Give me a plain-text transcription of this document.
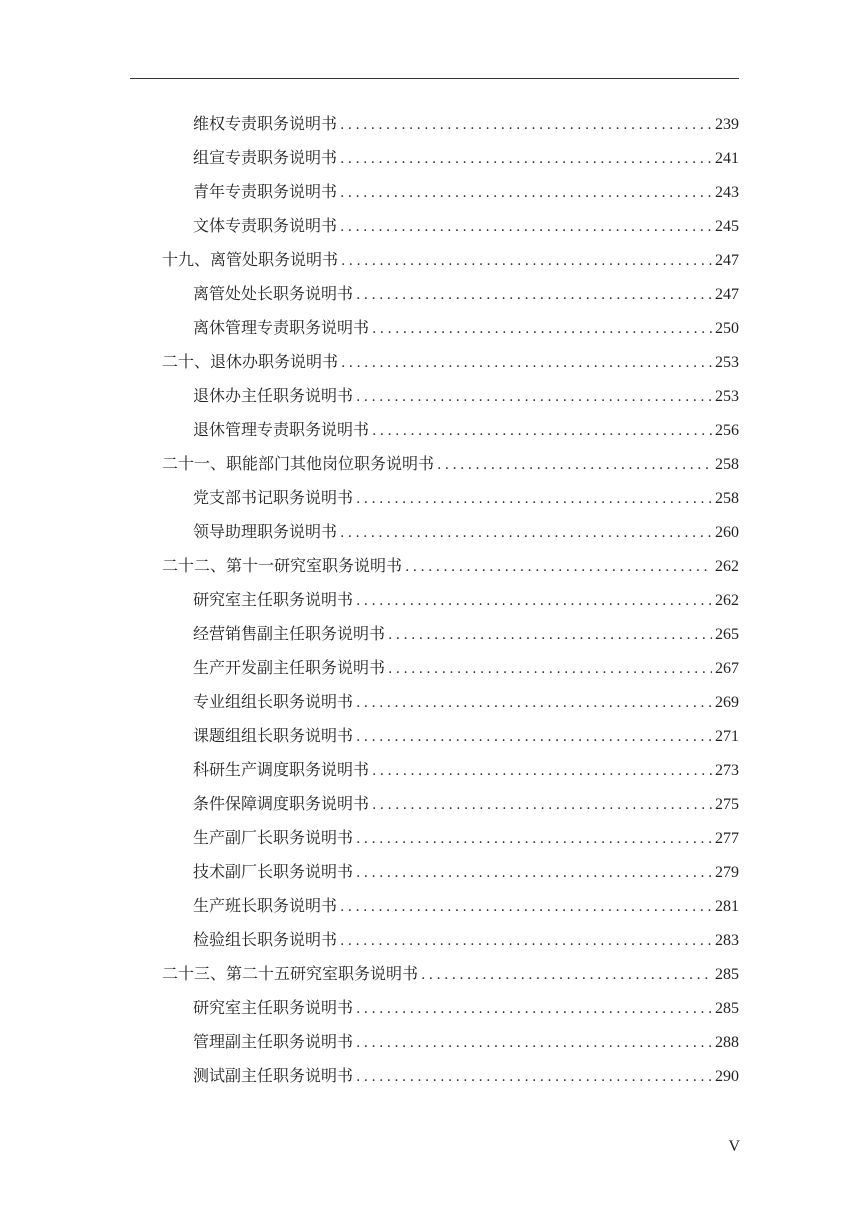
维权专责职务说明书 .....	239
组宣专责职务说明书 .....	241
青年专责职务说明书 .....	243
文体专责职务说明书 .....	245
十九、离管处职务说明书 .....	247
离管处处长职务说明书 .....	247
离休管理专责职务说明书 .....	250
二十、退休办职务说明书 .....	253
退休办主任职务说明书 .....	253
退休管理专责职务说明书 .....	256
二十一、职能部门其他岗位职务说明书 .....	258
党支部书记职务说明书 .....	258
领导助理职务说明书 .....	260
二十二、第十一研究室职务说明书 .....	262
研究室主任职务说明书 .....	262
经营销售副主任职务说明书 .....	265
生产开发副主任职务说明书 .....	267
专业组组长职务说明书 .....	269
课题组组长职务说明书 .....	271
科研生产调度职务说明书 .....	273
条件保障调度职务说明书 .....	275
生产副厂长职务说明书 .....	277
技术副厂长职务说明书 .....	279
生产班长职务说明书 .....	281
检验组长职务说明书 .....	283
二十三、第二十五研究室职务说明书 .....	285
研究室主任职务说明书 .....	285
管理副主任职务说明书 .....	288
测试副主任职务说明书 .....	290
V
